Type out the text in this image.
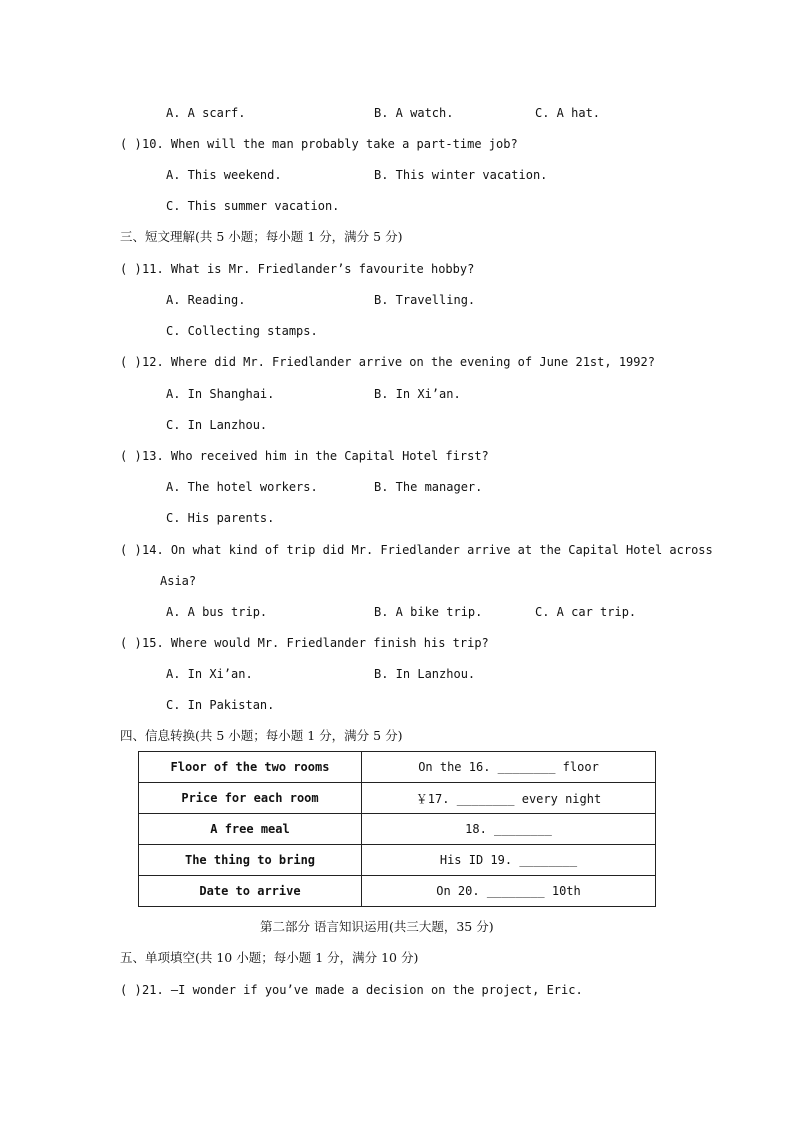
A. A scarf.	B. A watch.	C. A hat.
( )10. When will the man probably take a part-time job?
A. This weekend.	B. This winter vacation.
C. This summer vacation.
三、短文理解(共 5 小题；每小题 1 分，满分 5 分)
( )11. What is Mr. Friedlander’s favourite hobby?
A. Reading.	B. Travelling.
C. Collecting stamps.
( )12. Where did Mr. Friedlander arrive on the evening of June 21st, 1992?
A. In Shanghai.	B. In Xi’an.
C. In Lanzhou.
( )13. Who received him in the Capital Hotel first?
A. The hotel workers.	B. The manager.
C. His parents.
( )14. On what kind of trip did Mr. Friedlander arrive at the Capital Hotel across
Asia?
A. A bus trip.	B. A bike trip.	C. A car trip.
( )15. Where would Mr. Friedlander finish his trip?
A. In Xi’an.	B. In Lanzhou.
C. In Pakistan.
四、信息转换(共 5 小题；每小题 1 分，满分 5 分)
Floor of the two rooms	On the 16. ________ floor
Price for each room	￥17. ________ every night
A free meal	18. ________
The thing to bring	His ID 19. ________
Date to arrive	On 20. ________ 10th
第二部分 语言知识运用(共三大题，35 分)
五、单项填空(共 10 小题；每小题 1 分，满分 10 分)
( )21. —I wonder if you’ve made a decision on the project, Eric.
